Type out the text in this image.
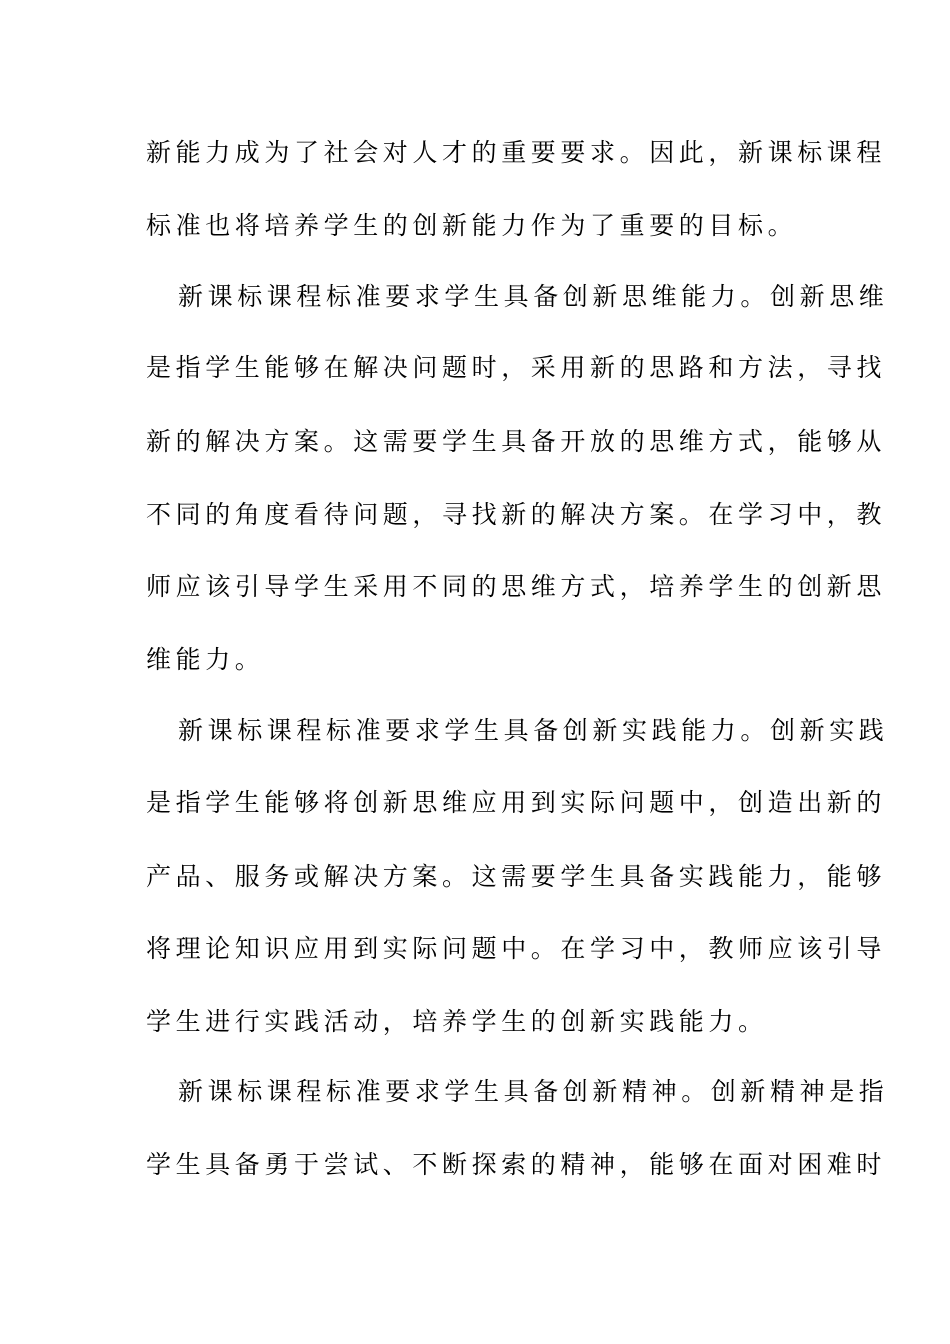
新能力成为了社会对人才的重要要求。因此，新课标课程
标准也将培养学生的创新能力作为了重要的目标。
新课标课程标准要求学生具备创新思维能力。创新思维
是指学生能够在解决问题时，采用新的思路和方法，寻找
新的解决方案。这需要学生具备开放的思维方式，能够从
不同的角度看待问题，寻找新的解决方案。在学习中，教
师应该引导学生采用不同的思维方式，培养学生的创新思
维能力。
新课标课程标准要求学生具备创新实践能力。创新实践
是指学生能够将创新思维应用到实际问题中，创造出新的
产品、服务或解决方案。这需要学生具备实践能力，能够
将理论知识应用到实际问题中。在学习中，教师应该引导
学生进行实践活动，培养学生的创新实践能力。
新课标课程标准要求学生具备创新精神。创新精神是指
学生具备勇于尝试、不断探索的精神，能够在面对困难时
